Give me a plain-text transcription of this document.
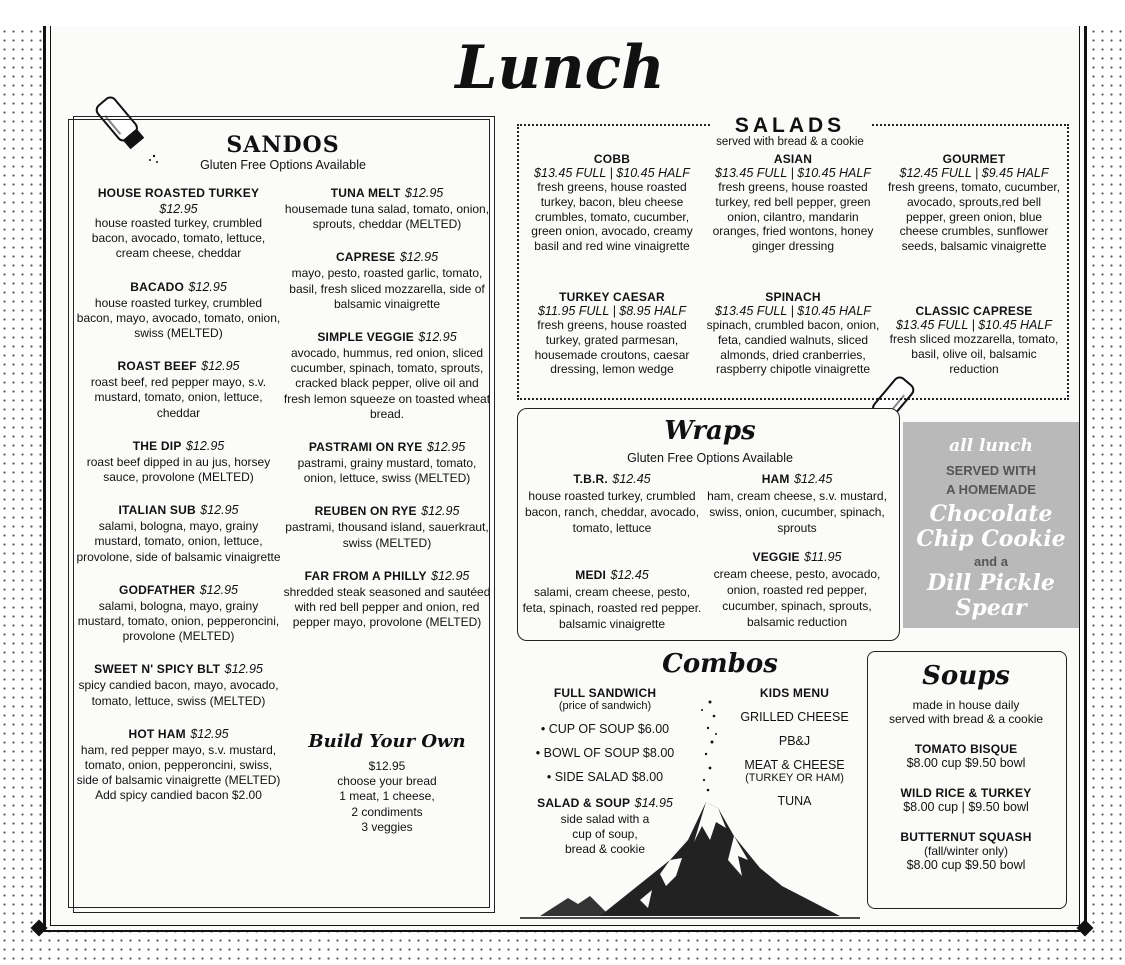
Lunch
SANDOS
Gluten Free Options Available
HOUSE ROASTED TURKEY
$12.95
house roasted turkey, crumbled bacon, avocado, tomato, lettuce, cream cheese, cheddar
BACADO $12.95
house roasted turkey, crumbled bacon, mayo, avocado, tomato, onion, swiss (MELTED)
ROAST BEEF $12.95
roast beef, red pepper mayo, s.v. mustard, tomato, onion, lettuce, cheddar
THE DIP $12.95
roast beef dipped in au jus, horsey sauce, provolone (MELTED)
ITALIAN SUB $12.95
salami, bologna, mayo, grainy mustard, tomato, onion, lettuce, provolone, side of balsamic vinaigrette
GODFATHER $12.95
salami, bologna, mayo, grainy mustard, tomato, onion, pepperoncini, provolone (MELTED)
SWEET N' SPICY BLT $12.95
spicy candied bacon, mayo, avocado, tomato, lettuce, swiss (MELTED)
HOT HAM $12.95
ham, red pepper mayo, s.v. mustard, tomato, onion, pepperoncini, swiss, side of balsamic vinaigrette (MELTED)
Add spicy candied bacon $2.00
TUNA MELT $12.95
housemade tuna salad, tomato, onion, sprouts, cheddar (MELTED)
CAPRESE $12.95
mayo, pesto, roasted garlic, tomato, basil, fresh sliced mozzarella, side of balsamic vinaigrette
SIMPLE VEGGIE $12.95
avocado, hummus, red onion, sliced cucumber, spinach, tomato, sprouts, cracked black pepper, olive oil and fresh lemon squeeze on toasted wheat bread.
PASTRAMI ON RYE $12.95
pastrami, grainy mustard, tomato, onion, lettuce, swiss (MELTED)
REUBEN ON RYE $12.95
pastrami, thousand island, sauerkraut, swiss (MELTED)
FAR FROM A PHILLY $12.95
shredded steak seasoned and sautéed with red bell pepper and onion, red pepper mayo, provolone (MELTED)
Build Your Own
$12.95
choose your bread
1 meat, 1 cheese,
2 condiments
3 veggies
SALADS
served with bread & a cookie
COBB
$13.45 FULL | $10.45 HALF
fresh greens, house roasted turkey, bacon, bleu cheese crumbles, tomato, cucumber, green onion, avocado, creamy basil and red wine vinaigrette
ASIAN
$13.45 FULL | $10.45 HALF
fresh greens, house roasted turkey, red bell pepper, green onion, cilantro, mandarin oranges, fried wontons, honey ginger dressing
GOURMET
$12.45 FULL | $9.45 HALF
fresh greens, tomato, cucumber, avocado, sprouts,red bell pepper, green onion, blue cheese crumbles, sunflower seeds, balsamic vinaigrette
TURKEY CAESAR
$11.95 FULL | $8.95 HALF
fresh greens, house roasted turkey, grated parmesan, housemade croutons, caesar dressing, lemon wedge
SPINACH
$13.45 FULL | $10.45 HALF
spinach, crumbled bacon, onion, feta, candied walnuts, sliced almonds, dried cranberries, raspberry chipotle vinaigrette
CLASSIC CAPRESE
$13.45 FULL | $10.45 HALF
fresh sliced mozzarella, tomato, basil, olive oil, balsamic reduction
Wraps
Gluten Free Options Available
T.B.R. $12.45
house roasted turkey, crumbled bacon, ranch, cheddar, avocado, tomato, lettuce
HAM $12.45
ham, cream cheese, s.v. mustard, swiss, onion, cucumber, spinach, sprouts
MEDI $12.45
salami, cream cheese, pesto, feta, spinach, roasted red pepper. balsamic vinaigrette
VEGGIE $11.95
cream cheese, pesto, avocado, onion, roasted red pepper, cucumber, spinach, sprouts, balsamic reduction
all lunch
SERVED WITH
A HOMEMADE
Chocolate
Chip Cookie
and a
Dill Pickle
Spear
Combos
FULL SANDWICH
(price of sandwich)
• CUP OF SOUP $6.00
• BOWL OF SOUP $8.00
• SIDE SALAD $8.00
SALAD & SOUP $14.95
side salad with a
cup of soup,
bread & cookie
KIDS MENU
GRILLED CHEESE
PB&J
MEAT & CHEESE
(TURKEY OR HAM)
TUNA
Soups
made in house daily
served with bread & a cookie
TOMATO BISQUE
$8.00 cup $9.50 bowl
WILD RICE & TURKEY
$8.00 cup | $9.50 bowl
BUTTERNUT SQUASH
(fall/winter only)
$8.00 cup $9.50 bowl
